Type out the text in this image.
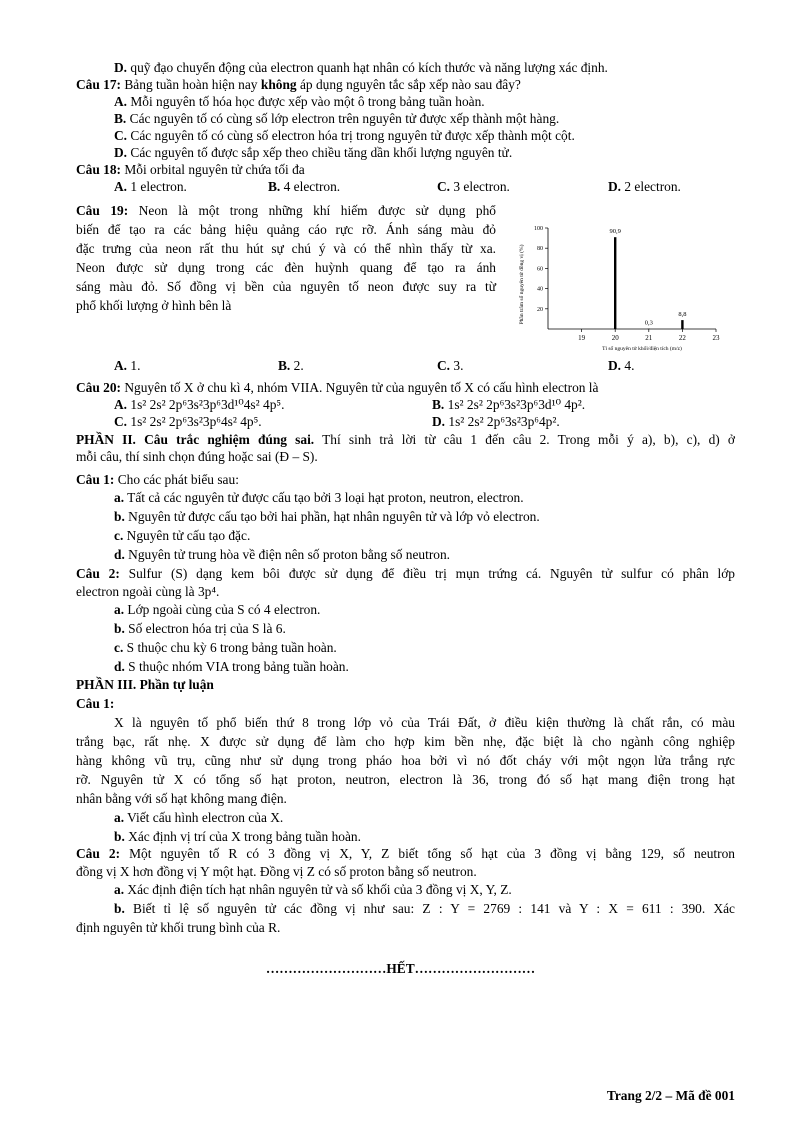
D. quỹ đạo chuyển động của electron quanh hạt nhân có kích thước và năng lượng xác định.
Câu 17: Bảng tuần hoàn hiện nay không áp dụng nguyên tắc sắp xếp nào sau đây?
A. Mỗi nguyên tố hóa học được xếp vào một ô trong bảng tuần hoàn.
B. Các nguyên tố có cùng số lớp electron trên nguyên tử được xếp thành một hàng.
C. Các nguyên tố có cùng số electron hóa trị trong nguyên tử được xếp thành một cột.
D. Các nguyên tố được sắp xếp theo chiều tăng dần khối lượng nguyên tử.
Câu 18: Mỗi orbital nguyên tử chứa tối đa
A. 1 electron.	B. 4 electron.	C. 3 electron.	D. 2 electron.
Câu 19: Neon là một trong những khí hiếm được sử dụng phổ
biến để tạo ra các bảng hiệu quảng cáo rực rỡ. Ánh sáng màu đỏ
đặc trưng của neon rất thu hút sự chú ý và có thể nhìn thấy từ xa.
Neon được sử dụng trong các đèn huỳnh quang để tạo ra ánh
sáng màu đỏ. Số đồng vị bền của nguyên tố neon được suy ra từ
phổ khối lượng ở hình bên là	20
40
60
80
100
19	20	21	22	23
Tỉ số nguyên tử khối/điện tích (m/z)
Phần trăm số nguyên tử đồng vị (%)
90,9
0,3
8,8
A. 1.	B. 2.	C. 3.	D. 4.
Câu 20: Nguyên tố X ở chu kì 4, nhóm VIIA. Nguyên tử của nguyên tố X có cấu hình electron là
A. 1s² 2s² 2p⁶3s²3p⁶3d¹⁰4s² 4p⁵.	B. 1s² 2s² 2p⁶3s²3p⁶3d¹⁰ 4p².
C. 1s² 2s² 2p⁶3s²3p⁶4s² 4p⁵.	D. 1s² 2s² 2p⁶3s²3p⁶4p².
PHẦN II. Câu trắc nghiệm đúng sai. Thí sinh trả lời từ câu 1 đến câu 2. Trong mỗi ý a), b), c), d) ở
mỗi câu, thí sinh chọn đúng hoặc sai (Đ – S).
Câu 1: Cho các phát biểu sau:
a. Tất cả các nguyên tử được cấu tạo bởi 3 loại hạt proton, neutron, electron.
b. Nguyên tử được cấu tạo bởi hai phần, hạt nhân nguyên tử và lớp vỏ electron.
c. Nguyên tử cấu tạo đặc.
d. Nguyên tử trung hòa về điện nên số proton bằng số neutron.
Câu 2: Sulfur (S) dạng kem bôi được sử dụng để điều trị mụn trứng cá. Nguyên tử sulfur có phân lớp
electron ngoài cùng là 3p⁴.
a. Lớp ngoài cùng của S có 4 electron.
b. Số electron hóa trị của S là 6.
c. S thuộc chu kỳ 6 trong bảng tuần hoàn.
d. S thuộc nhóm VIA trong bảng tuần hoàn.
PHẦN III. Phần tự luận
Câu 1:
X là nguyên tố phổ biến thứ 8 trong lớp vỏ của Trái Đất, ở điều kiện thường là chất rắn, có màu
trắng bạc, rất nhẹ. X được sử dụng để làm cho hợp kim bền nhẹ, đặc biệt là cho ngành công nghiệp
hàng không vũ trụ, cũng như sử dụng trong pháo hoa bởi vì nó đốt cháy với một ngọn lửa trắng rực
rỡ. Nguyên tử X có tổng số hạt proton, neutron, electron là 36, trong đó số hạt mang điện trong hạt
nhân bằng với số hạt không mang điện.
a. Viết cấu hình electron của X.
b. Xác định vị trí của X trong bảng tuần hoàn.
Câu 2: Một nguyên tố R có 3 đồng vị X, Y, Z biết tổng số hạt của 3 đồng vị bằng 129, số neutron
đồng vị X hơn đồng vị Y một hạt. Đồng vị Z có số proton bằng số neutron.
a. Xác định điện tích hạt nhân nguyên tử và số khối của 3 đồng vị X, Y, Z.
b. Biết tỉ lệ số nguyên tử các đồng vị như sau: Z : Y = 2769 : 141 và Y : X = 611 : 390. Xác
định nguyên tử khối trung bình của R.
………………………HẾT………………………
Trang 2/2 – Mã đề 001
